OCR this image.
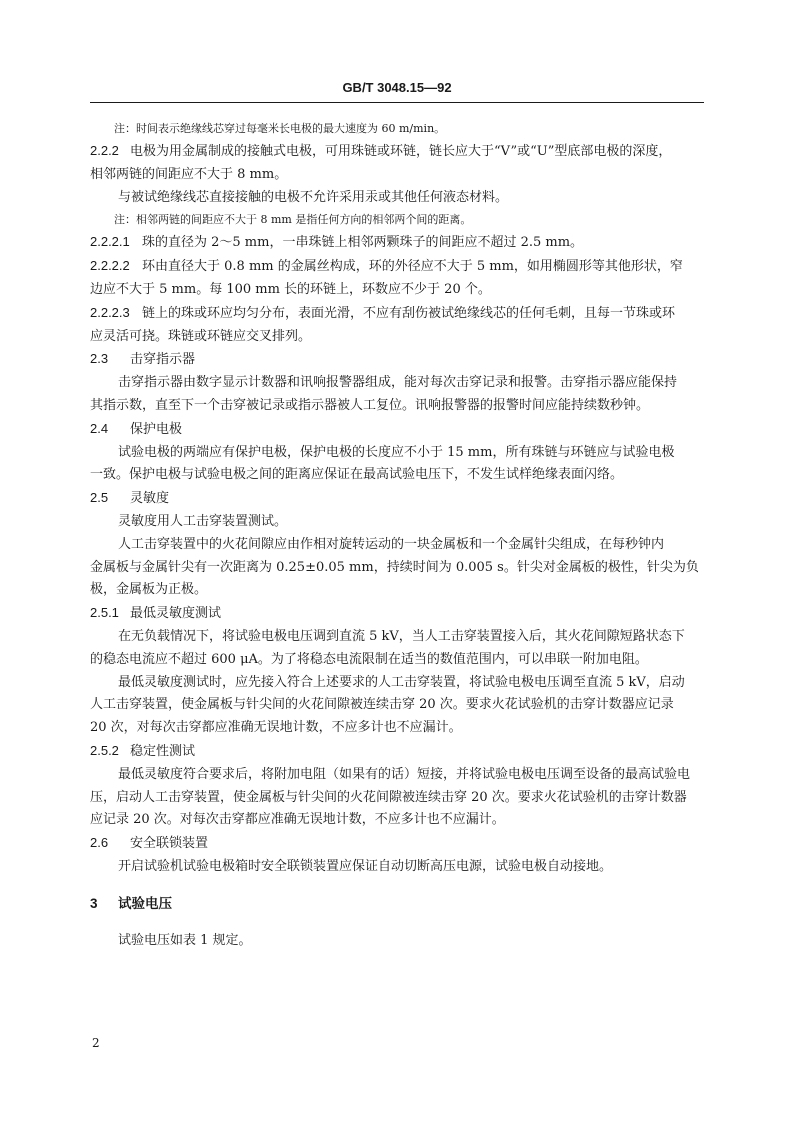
GB/T 3048.15—92
注：时间表示绝缘线芯穿过每毫米长电极的最大速度为 60 m/min。
2.2.2 电极为用金属制成的接触式电极，可用珠链或环链，链长应大于“V”或“U”型底部电极的深度，
相邻两链的间距应不大于 8 mm。
与被试绝缘线芯直接接触的电极不允许采用汞或其他任何液态材料。
注：相邻两链的间距应不大于 8 mm 是指任何方向的相邻两个间的距离。
2.2.2.1 珠的直径为 2～5 mm，一串珠链上相邻两颗珠子的间距应不超过 2.5 mm。
2.2.2.2 环由直径大于 0.8 mm 的金属丝构成，环的外径应不大于 5 mm，如用椭圆形等其他形状，窄
边应不大于 5 mm。每 100 mm 长的环链上，环数应不少于 20 个。
2.2.2.3 链上的珠或环应均匀分布，表面光滑，不应有刮伤被试绝缘线芯的任何毛刺，且每一节珠或环
应灵活可挠。珠链或环链应交叉排列。
2.3 击穿指示器
击穿指示器由数字显示计数器和讯响报警器组成，能对每次击穿记录和报警。击穿指示器应能保持
其指示数，直至下一个击穿被记录或指示器被人工复位。讯响报警器的报警时间应能持续数秒钟。
2.4 保护电极
试验电极的两端应有保护电极，保护电极的长度应不小于 15 mm，所有珠链与环链应与试验电极
一致。保护电极与试验电极之间的距离应保证在最高试验电压下，不发生试样绝缘表面闪络。
2.5 灵敏度
灵敏度用人工击穿装置测试。
人工击穿装置中的火花间隙应由作相对旋转运动的一块金属板和一个金属针尖组成，在每秒钟内
金属板与金属针尖有一次距离为 0.25±0.05 mm，持续时间为 0.005 s。针尖对金属板的极性，针尖为负
极，金属板为正极。
2.5.1 最低灵敏度测试
在无负载情况下，将试验电极电压调到直流 5 kV，当人工击穿装置接入后，其火花间隙短路状态下
的稳态电流应不超过 600 μA。为了将稳态电流限制在适当的数值范围内，可以串联一附加电阻。
最低灵敏度测试时，应先接入符合上述要求的人工击穿装置，将试验电极电压调至直流 5 kV，启动
人工击穿装置，使金属板与针尖间的火花间隙被连续击穿 20 次。要求火花试验机的击穿计数器应记录
20 次，对每次击穿都应准确无误地计数，不应多计也不应漏计。
2.5.2 稳定性测试
最低灵敏度符合要求后，将附加电阻（如果有的话）短接，并将试验电极电压调至设备的最高试验电
压，启动人工击穿装置，使金属板与针尖间的火花间隙被连续击穿 20 次。要求火花试验机的击穿计数器
应记录 20 次。对每次击穿都应准确无误地计数，不应多计也不应漏计。
2.6 安全联锁装置
开启试验机试验电极箱时安全联锁装置应保证自动切断高压电源，试验电极自动接地。
3 试验电压
试验电压如表 1 规定。
2
